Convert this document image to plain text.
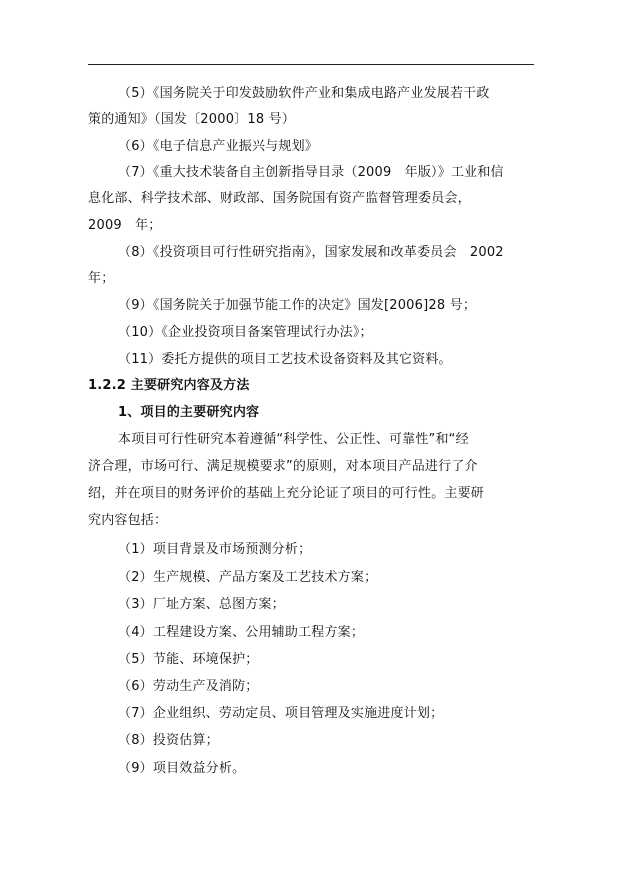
（5）《国务院关于印发鼓励软件产业和集成电路产业发展若干政
策的通知》（国发〔2000〕18 号）
（6）《电子信息产业振兴与规划》
（7）《重大技术装备自主创新指导目录（2009　年版）》工业和信
息化部、科学技术部、财政部、国务院国有资产监督管理委员会，
2009　年；
（8）《投资项目可行性研究指南》，国家发展和改革委员会　2002
年；
（9）《国务院关于加强节能工作的决定》国发[2006]28 号；
（10）《企业投资项目备案管理试行办法》；
（11）委托方提供的项目工艺技术设备资料及其它资料。
1.2.2 主要研究内容及方法
1、项目的主要研究内容
本项目可行性研究本着遵循“科学性、公正性、可靠性”和“经
济合理，市场可行、满足规模要求”的原则，对本项目产品进行了介
绍，并在项目的财务评价的基础上充分论证了项目的可行性。主要研
究内容包括：
（1）项目背景及市场预测分析；
（2）生产规模、产品方案及工艺技术方案；
（3）厂址方案、总图方案；
（4）工程建设方案、公用辅助工程方案；
（5）节能、环境保护；
（6）劳动生产及消防；
（7）企业组织、劳动定员、项目管理及实施进度计划；
（8）投资估算；
（9）项目效益分析。
